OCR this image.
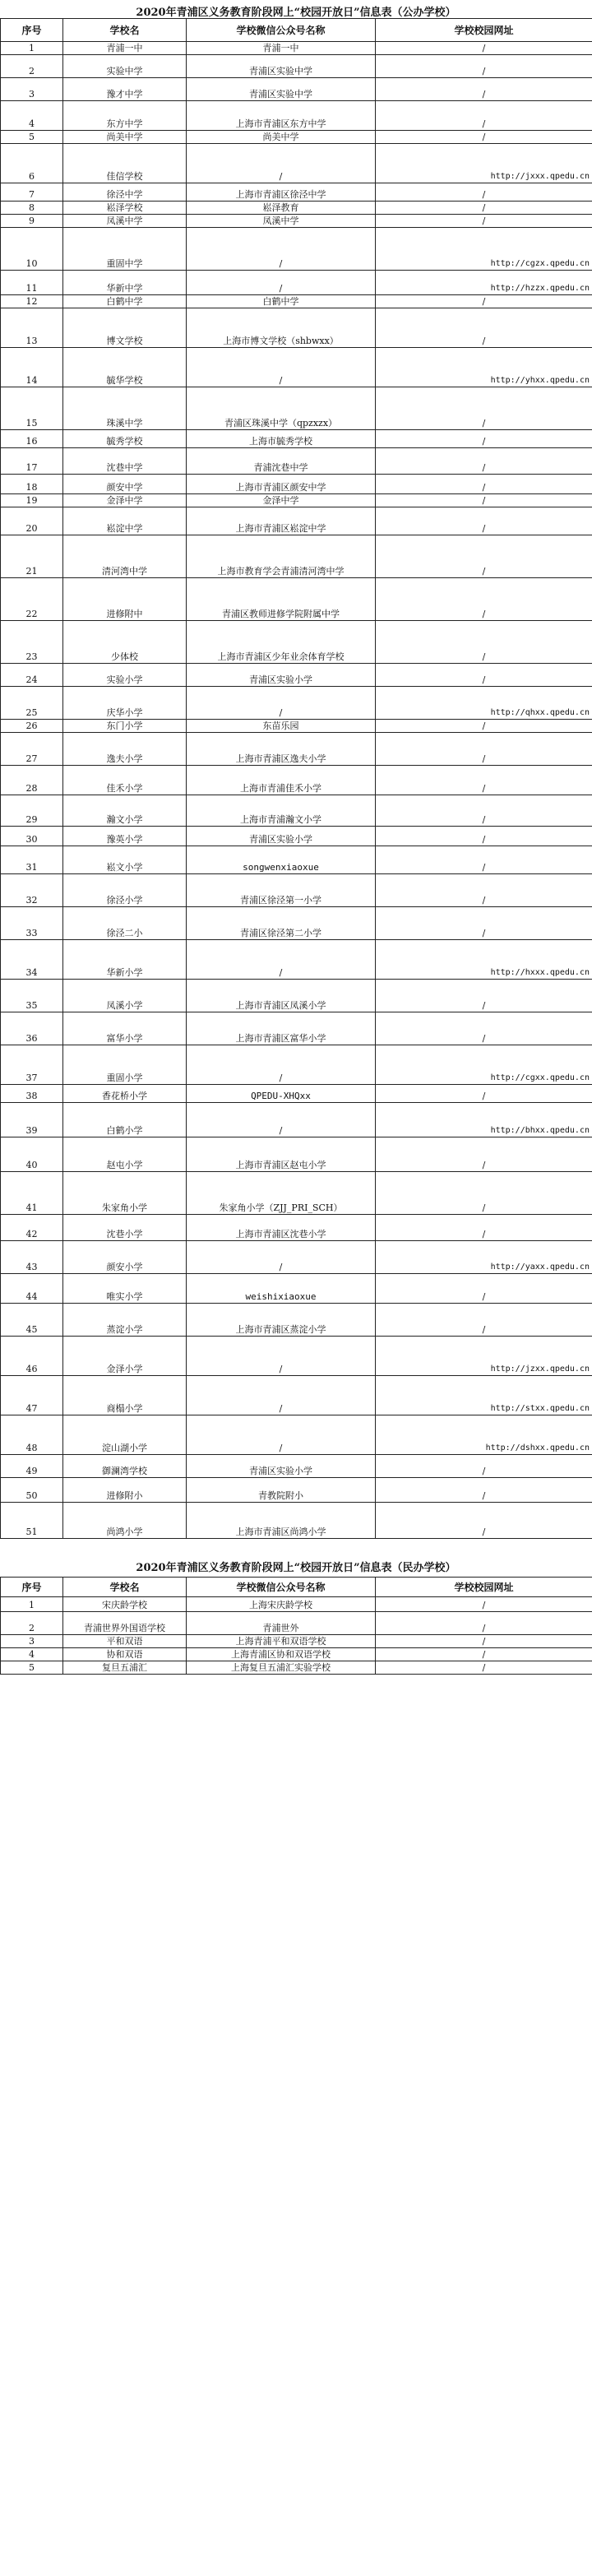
2020年青浦区义务教育阶段网上“校园开放日”信息表（公办学校）
序号	学校名	学校微信公众号名称	学校校园网址
1	青浦一中	青浦一中	/
2	实验中学	青浦区实验中学	/
3	豫才中学	青浦区实验中学	/
4	东方中学	上海市青浦区东方中学	/
5	尚美中学	尚美中学	/
6	佳信学校	/	http://jxxx.qpedu.cn
7	徐泾中学	上海市青浦区徐泾中学	/
8	崧泽学校	崧泽教育	/
9	凤溪中学	凤溪中学	/
10	重固中学	/	http://cgzx.qpedu.cn
11	华新中学	/	http://hzzx.qpedu.cn
12	白鹤中学	白鹤中学	/
13	博文学校	上海市博文学校（shbwxx）	/
14	毓华学校	/	http://yhxx.qpedu.cn
15	珠溪中学	青浦区珠溪中学（qpzxzx）	/
16	毓秀学校	上海市毓秀学校	/
17	沈巷中学	青浦沈巷中学	/
18	颜安中学	上海市青浦区颜安中学	/
19	金泽中学	金泽中学	/
20	崧淀中学	上海市青浦区崧淀中学	/
21	清河湾中学	上海市教育学会青浦清河湾中学	/
22	进修附中	青浦区教师进修学院附属中学	/
23	少体校	上海市青浦区少年业余体育学校	/
24	实验小学	青浦区实验小学	/
25	庆华小学	/	http://qhxx.qpedu.cn
26	东门小学	东苗乐园	/
27	逸夫小学	上海市青浦区逸夫小学	/
28	佳禾小学	上海市青浦佳禾小学	/
29	瀚文小学	上海市青浦瀚文小学	/
30	豫英小学	青浦区实验小学	/
31	崧文小学	songwenxiaoxue	/
32	徐泾小学	青浦区徐泾第一小学	/
33	徐泾二小	青浦区徐泾第二小学	/
34	华新小学	/	http://hxxx.qpedu.cn
35	凤溪小学	上海市青浦区凤溪小学	/
36	富华小学	上海市青浦区富华小学	/
37	重固小学	/	http://cgxx.qpedu.cn
38	香花桥小学	QPEDU-XHQxx	/
39	白鹤小学	/	http://bhxx.qpedu.cn
40	赵屯小学	上海市青浦区赵屯小学	/
41	朱家角小学	朱家角小学（ZJJ_PRI_SCH）	/
42	沈巷小学	上海市青浦区沈巷小学	/
43	颜安小学	/	http://yaxx.qpedu.cn
44	唯实小学	weishixiaoxue	/
45	蒸淀小学	上海市青浦区蒸淀小学	/
46	金泽小学	/	http://jzxx.qpedu.cn
47	商榻小学	/	http://stxx.qpedu.cn
48	淀山湖小学	/	http://dshxx.qpedu.cn
49	御澜湾学校	青浦区实验小学	/
50	进修附小	青教院附小	/
51	尚鸿小学	上海市青浦区尚鸿小学	/
2020年青浦区义务教育阶段网上“校园开放日”信息表（民办学校）
序号	学校名	学校微信公众号名称	学校校园网址
1	宋庆龄学校	上海宋庆龄学校	/
2	青浦世界外国语学校	青浦世外	/
3	平和双语	上海青浦平和双语学校	/
4	协和双语	上海青浦区协和双语学校	/
5	复旦五浦汇	上海复旦五浦汇实验学校	/
